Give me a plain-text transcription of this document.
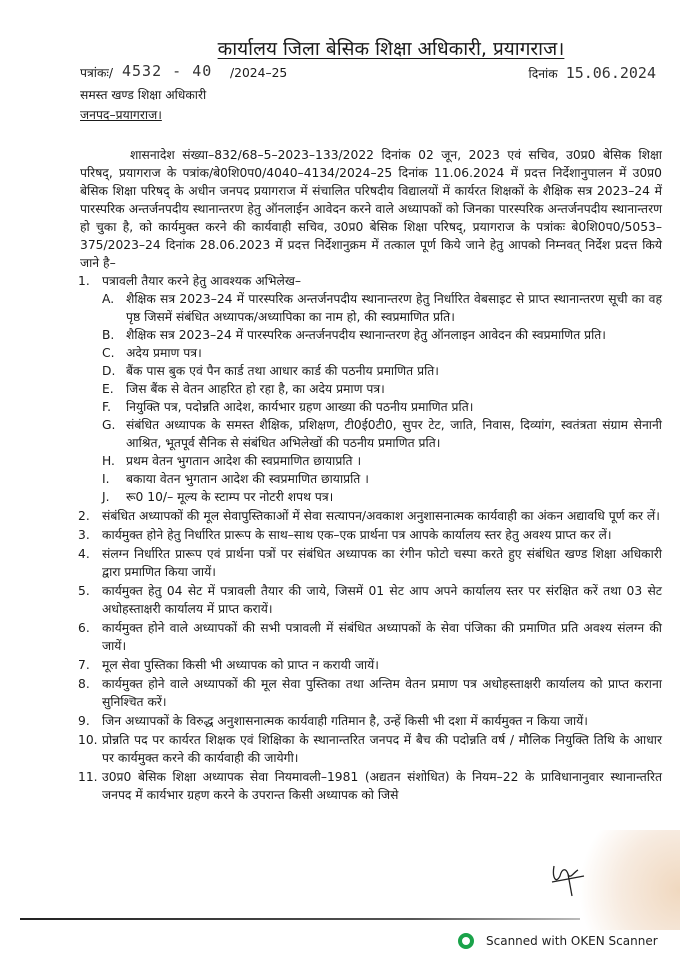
कार्यालय जिला बेसिक शिक्षा अधिकारी, प्रयागराज।
पत्रांकः/ 4532 - 40 /2024–25	दिनांक 15.06.2024
समस्त खण्ड शिक्षा अधिकारी
जनपद–प्रयागराज।
शासनादेश संख्या–832/68–5–2023–133/2022 दिनांक 02 जून, 2023 एवं सचिव, उ0प्र0 बेसिक शिक्षा परिषद्, प्रयागराज के पत्रांक/बे0शि0प0/4040–4134/2024–25 दिनांक 11.06.2024 में प्रदत्त निर्देशानुपालन में उ0प्र0 बेसिक शिक्षा परिषद् के अधीन जनपद प्रयागराज में संचालित परिषदीय विद्यालयों में कार्यरत शिक्षकों के शैक्षिक सत्र 2023–24 में पारस्परिक अन्तर्जनपदीय स्थानान्तरण हेतु ऑनलाईन आवेदन करने वाले अध्यापकों को जिनका पारस्परिक अन्तर्जनपदीय स्थानान्तरण हो चुका है, को कार्यमुक्त करने की कार्यवाही सचिव, उ0प्र0 बेसिक शिक्षा परिषद्, प्रयागराज के पत्रांकः बे0शि0प0/5053–375/2023–24 दिनांक 28.06.2023 में प्रदत्त निर्देशानुक्रम में तत्काल पूर्ण किये जाने हेतु आपको निम्नवत् निर्देश प्रदत्त किये जाने है–
1. पत्रावली तैयार करने हेतु आवश्यक अभिलेख–
A. शैक्षिक सत्र 2023–24 में पारस्परिक अन्तर्जनपदीय स्थानान्तरण हेतु निर्धारित वेबसाइट से प्राप्त स्थानान्तरण सूची का वह पृष्ठ जिसमें संबंधित अध्यापक/अध्यापिका का नाम हो, की स्वप्रमाणित प्रति।
B. शैक्षिक सत्र 2023–24 में पारस्परिक अन्तर्जनपदीय स्थानान्तरण हेतु ऑनलाइन आवेदन की स्वप्रमाणित प्रति।
C. अदेय प्रमाण पत्र।
D. बैंक पास बुक एवं पैन कार्ड तथा आधार कार्ड की पठनीय प्रमाणित प्रति।
E. जिस बैंक से वेतन आहरित हो रहा है, का अदेय प्रमाण पत्र।
F. नियुक्ति पत्र, पदोन्नति आदेश, कार्यभार ग्रहण आख्या की पठनीय प्रमाणित प्रति।
G. संबंधित अध्यापक के समस्त शैक्षिक, प्रशिक्षण, टी0ई0टी0, सुपर टेट, जाति, निवास, दिव्यांग, स्वतंत्रता संग्राम सेनानी आश्रित, भूतपूर्व सैनिक से संबंधित अभिलेखों की पठनीय प्रमाणित प्रति।
H. प्रथम वेतन भुगतान आदेश की स्वप्रमाणित छायाप्रति ।
I. बकाया वेतन भुगतान आदेश की स्वप्रमाणित छायाप्रति ।
J. रू0 10/– मूल्य के स्टाम्प पर नोटरी शपथ पत्र।
2. संबंधित अध्यापकों की मूल सेवापुस्तिकाओं में सेवा सत्यापन/अवकाश अनुशासनात्मक कार्यवाही का अंकन अद्यावधि पूर्ण कर लें।
3. कार्यमुक्त होने हेतु निर्धारित प्रारूप के साथ–साथ एक–एक प्रार्थना पत्र आपके कार्यालय स्तर हेतु अवश्य प्राप्त कर लें।
4. संलग्न निर्धारित प्रारूप एवं प्रार्थना पत्रों पर संबंधित अध्यापक का रंगीन फोटो चस्पा करते हुए संबंधित खण्ड शिक्षा अधिकारी द्वारा प्रमाणित किया जायें।
5. कार्यमुक्त हेतु 04 सेट में पत्रावली तैयार की जाये, जिसमें 01 सेट आप अपने कार्यालय स्तर पर संरक्षित करें तथा 03 सेट अधोहस्ताक्षरी कार्यालय में प्राप्त करायें।
6. कार्यमुक्त होने वाले अध्यापकों की सभी पत्रावली में संबंधित अध्यापकों के सेवा पंजिका की प्रमाणित प्रति अवश्य संलग्न की जायें।
7. मूल सेवा पुस्तिका किसी भी अध्यापक को प्राप्त न करायी जायें।
8. कार्यमुक्त होने वाले अध्यापकों की मूल सेवा पुस्तिका तथा अन्तिम वेतन प्रमाण पत्र अधोहस्ताक्षरी कार्यालय को प्राप्त कराना सुनिश्चित करें।
9. जिन अध्यापकों के विरुद्ध अनुशासनात्मक कार्यवाही गतिमान है, उन्हें किसी भी दशा में कार्यमुक्त न किया जायें।
10. प्रोन्नति पद पर कार्यरत शिक्षक एवं शिक्षिका के स्थानान्तरित जनपद में बैच की पदोन्नति वर्ष / मौलिक नियुक्ति तिथि के आधार पर कार्यमुक्त करने की कार्यवाही की जायेगी।
11. उ0प्र0 बेसिक शिक्षा अध्यापक सेवा नियमावली–1981 (अद्यतन संशोधित) के नियम–22 के प्राविधानानुवार स्थानान्तरित जनपद में कार्यभार ग्रहण करने के उपरान्त किसी अध्यापक को जिसे
Scanned with OKEN Scanner
